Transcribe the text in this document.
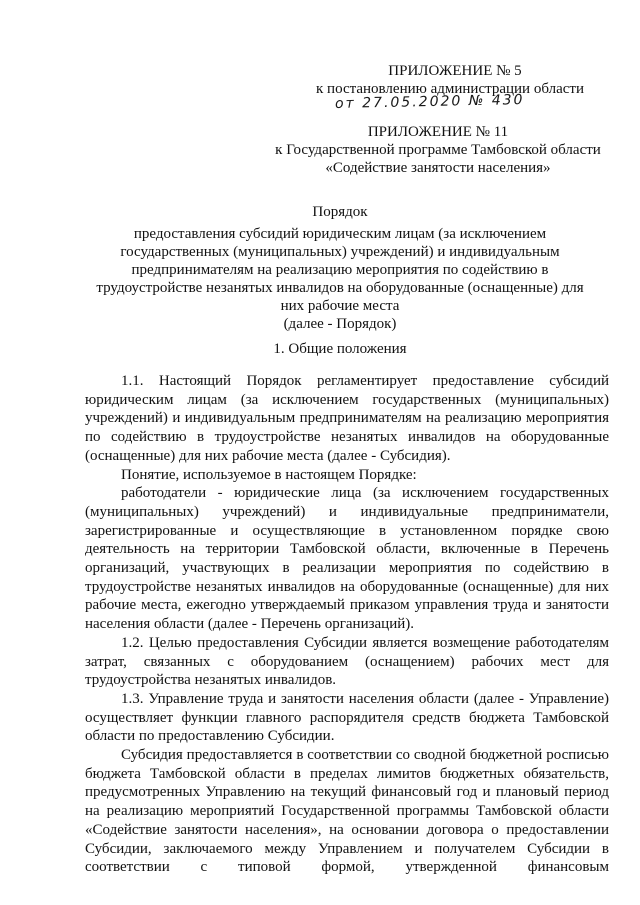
ПРИЛОЖЕНИЕ № 5
к постановлению администрации области
от 27.05.2020 № 430
ПРИЛОЖЕНИЕ № 11
к Государственной программе Тамбовской области
«Содействие занятости населения»
Порядок
предоставления субсидий юридическим лицам (за исключением
государственных (муниципальных) учреждений) и индивидуальным
предпринимателям на реализацию мероприятия по содействию в
трудоустройстве незанятых инвалидов на оборудованные (оснащенные) для
них рабочие места
(далее - Порядок)
1. Общие положения

1.1. Настоящий Порядок регламентирует предоставление субсидий юридическим лицам (за исключением государственных (муниципальных) учреждений) и индивидуальным предпринимателям на реализацию мероприятия по содействию в трудоустройстве незанятых инвалидов на оборудованные (оснащенные) для них рабочие места (далее - Субсидия).

Понятие, используемое в настоящем Порядке:

работодатели - юридические лица (за исключением государственных (муниципальных) учреждений) и индивидуальные предприниматели, зарегистрированные и осуществляющие в установленном порядке свою деятельность на территории Тамбовской области, включенные в Перечень организаций, участвующих в реализации мероприятия по содействию в трудоустройстве незанятых инвалидов на оборудованные (оснащенные) для них рабочие места, ежегодно утверждаемый приказом управления труда и занятости населения области (далее - Перечень организаций).

1.2. Целью предоставления Субсидии является возмещение работодателям затрат, связанных с оборудованием (оснащением) рабочих мест для трудоустройства незанятых инвалидов.

1.3. Управление труда и занятости населения области (далее - Управление) осуществляет функции главного распорядителя средств бюджета Тамбовской области по предоставлению Субсидии.

Субсидия предоставляется в соответствии со сводной бюджетной росписью бюджета Тамбовской области в пределах лимитов бюджетных обязательств, предусмотренных Управлению на текущий финансовый год и плановый период на реализацию мероприятий Государственной программы Тамбовской области «Содействие занятости населения», на основании договора о предоставлении Субсидии, заключаемого между Управлением и получателем Субсидии в соответствии с типовой формой, утвержденной финансовым
